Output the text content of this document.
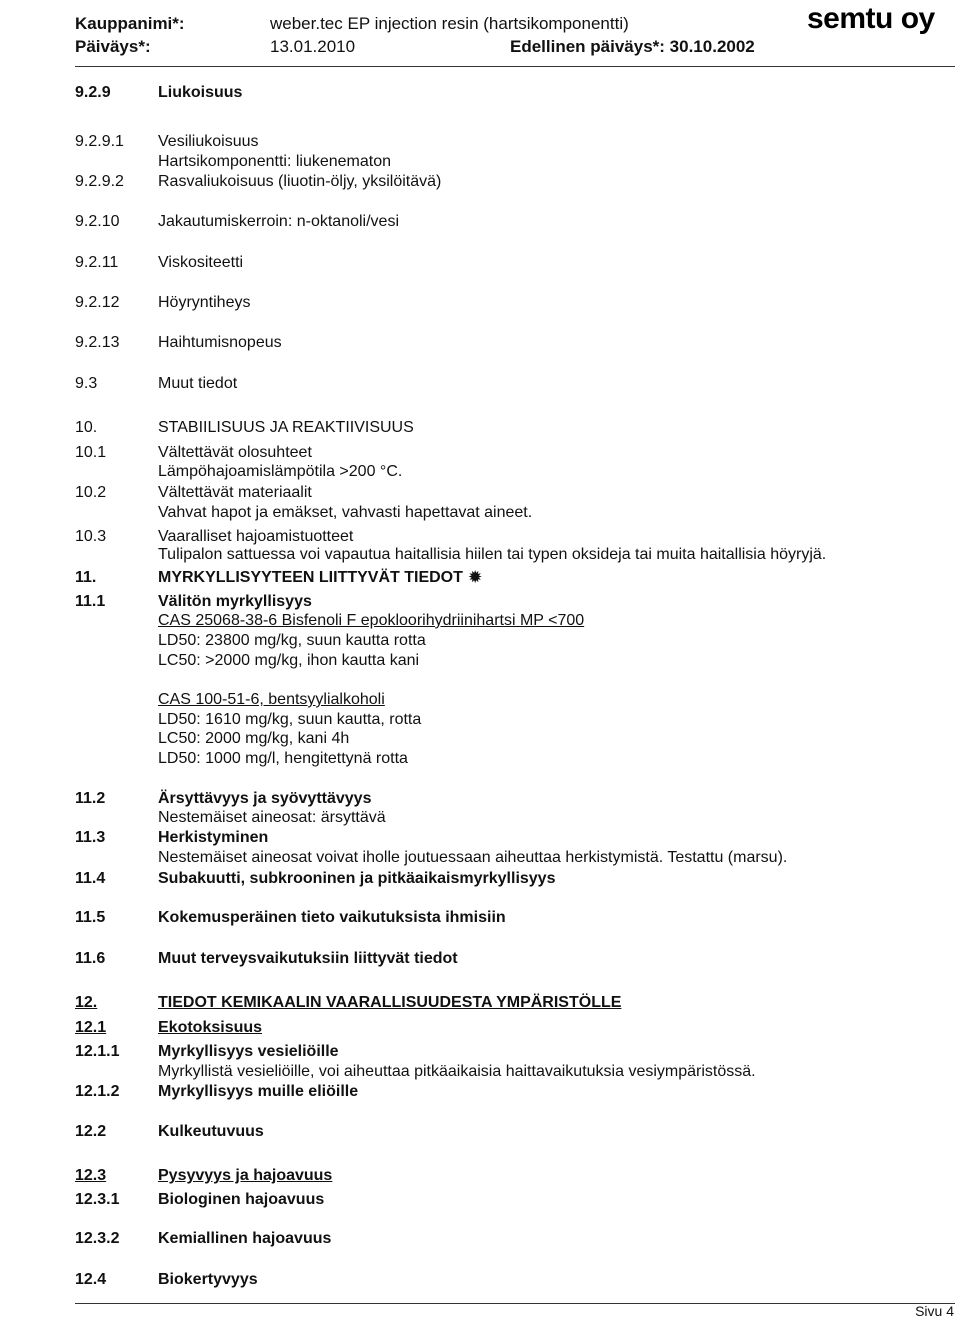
Kauppanimi*:	weber.tec EP injection resin (hartsikomponentti)
Päiväys*:	13.01.2010	Edellinen päiväys*: 30.10.2002
semtu oy
9.2.9	Liukoisuus
9.2.9.1 Vesiliukoisuus
Hartsikomponentti: liukenematon
9.2.9.2 Rasvaliukoisuus (liuotin-öljy, yksilöitävä)
9.2.10 Jakautumiskerroin: n-oktanoli/vesi
9.2.11 Viskositeetti
9.2.12 Höyryntiheys
9.2.13 Haihtumisnopeus
9.3	Muut tiedot
10.	STABIILISUUS JA REAKTIIVISUUS
10.1	Vältettävät olosuhteet
Lämpöhajoamislämpötila >200 °C.
10.2	Vältettävät materiaalit
Vahvat hapot ja emäkset, vahvasti hapettavat aineet.
10.3	Vaaralliset hajoamistuotteet
Tulipalon sattuessa voi vapautua haitallisia hiilen tai typen oksideja tai muita haitallisia höyryjä.
11.	MYRKYLLISYYTEEN LIITTYVÄT TIEDOT ✹
11.1	Välitön myrkyllisyys
CAS 25068-38-6 Bisfenoli F epokloorihydriinihartsi MP <700
LD50: 23800 mg/kg, suun kautta rotta
LC50: >2000 mg/kg, ihon kautta kani
CAS 100-51-6, bentsyylialkoholi
LD50: 1610 mg/kg, suun kautta, rotta
LC50: 2000 mg/kg, kani 4h
LD50: 1000 mg/l, hengitettynä rotta
11.2	Ärsyttävyys ja syövyttävyys
Nestemäiset aineosat: ärsyttävä
11.3	Herkistyminen
Nestemäiset aineosat voivat iholle joutuessaan aiheuttaa herkistymistä. Testattu (marsu).
11.4	Subakuutti, subkrooninen ja pitkäaikaismyrkyllisyys
11.5	Kokemusperäinen tieto vaikutuksista ihmisiin
11.6	Muut terveysvaikutuksiin liittyvät tiedot
12.	TIEDOT KEMIKAALIN VAARALLISUUDESTA YMPÄRISTÖLLE
12.1	Ekotoksisuus
12.1.1 Myrkyllisyys vesieliöille
Myrkyllistä vesieliöille, voi aiheuttaa pitkäaikaisia haittavaikutuksia vesiympäristössä.
12.1.2 Myrkyllisyys muille eliöille
12.2	Kulkeutuvuus
12.3	Pysyvyys ja hajoavuus
12.3.1 Biologinen hajoavuus
12.3.2 Kemiallinen hajoavuus
12.4	Biokertyvyys
Sivu 4
